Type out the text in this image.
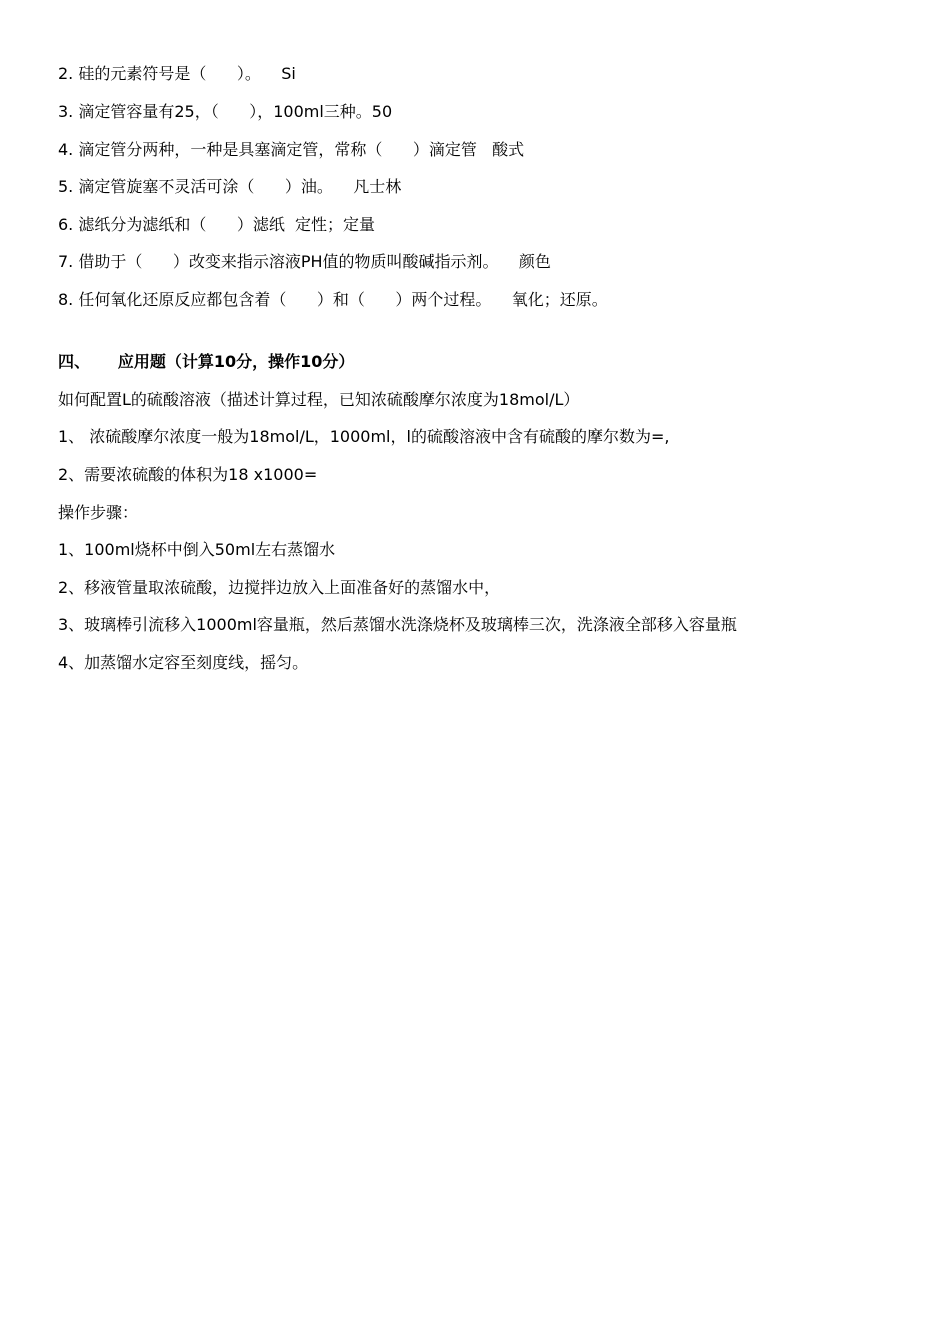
2. 硅的元素符号是（      ）。    Si
3. 滴定管容量有25，（      ），100ml三种。50
4. 滴定管分两种，一种是具塞滴定管，常称（      ）滴定管   酸式
5. 滴定管旋塞不灵活可涂（      ）油。    凡士林
6. 滤纸分为滤纸和（      ）滤纸  定性；定量
7. 借助于（      ）改变来指示溶液PH值的物质叫酸碱指示剂。    颜色
8. 任何氧化还原反应都包含着（      ）和（      ）两个过程。    氧化；还原。
四、     应用题（计算10分，操作10分）
如何配置L的硫酸溶液（描述计算过程，已知浓硫酸摩尔浓度为18mol/L）
1、 浓硫酸摩尔浓度一般为18mol/L，1000ml，l的硫酸溶液中含有硫酸的摩尔数为=,
2、需要浓硫酸的体积为18 x1000=
操作步骤：
1、100ml烧杯中倒入50ml左右蒸馏水
2、移液管量取浓硫酸，边搅拌边放入上面准备好的蒸馏水中，
3、玻璃棒引流移入1000ml容量瓶，然后蒸馏水洗涤烧杯及玻璃棒三次，洗涤液全部移入容量瓶
4、加蒸馏水定容至刻度线，摇匀。
